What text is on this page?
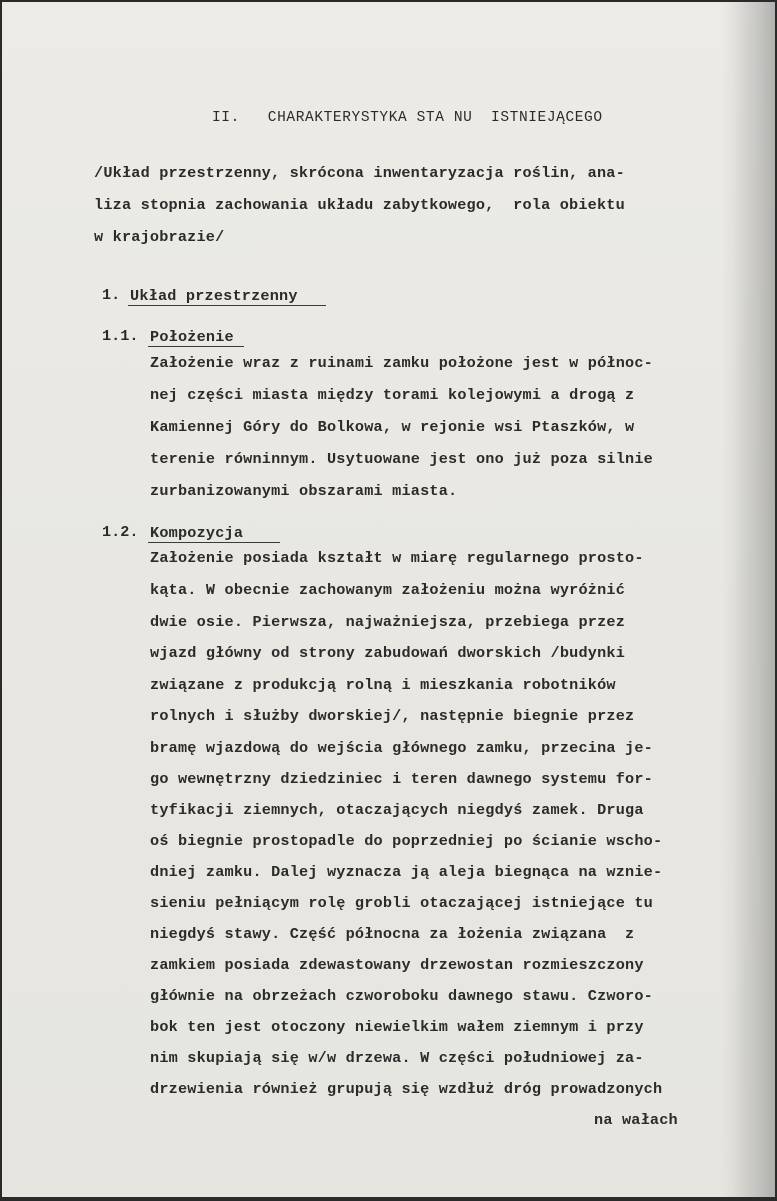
II.   CHARAKTERYSTYKA STA NU  ISTNIEJĄCEGO
/Układ przestrzenny, skrócona inwentaryzacja roślin, ana-
liza stopnia zachowania układu zabytkowego,  rola obiektu
w krajobrazie/
1. Układ przestrzenny
1.1. Położenie
Założenie wraz z ruinami zamku położone jest w północ-
nej części miasta między torami kolejowymi a drogą z
Kamiennej Góry do Bolkowa, w rejonie wsi Ptaszków, w
terenie równinnym. Usytuowane jest ono już poza silnie
zurbanizowanymi obszarami miasta.
1.2. Kompozycja
Założenie posiada kształt w miarę regularnego prosto-
kąta. W obecnie zachowanym założeniu można wyróżnić
dwie osie. Pierwsza, najważniejsza, przebiega przez
wjazd główny od strony zabudowań dworskich /budynki
związane z produkcją rolną i mieszkania robotników
rolnych i służby dworskiej/, następnie biegnie przez
bramę wjazdową do wejścia głównego zamku, przecina je-
go wewnętrzny dziedziniec i teren dawnego systemu for-
tyfikacji ziemnych, otaczających niegdyś zamek. Druga
oś biegnie prostopadle do poprzedniej po ścianie wscho-
dniej zamku. Dalej wyznacza ją aleja biegnąca na wznie-
sieniu pełniącym rolę grobli otaczającej istniejące tu
niegdyś stawy. Część północna za łożenia związana  z
zamkiem posiada zdewastowany drzewostan rozmieszczony
głównie na obrzeżach czworoboku dawnego stawu. Czworo-
bok ten jest otoczony niewielkim wałem ziemnym i przy
nim skupiają się w/w drzewa. W części południowej za-
drzewienia również grupują się wzdłuż dróg prowadzonych
na wałach
